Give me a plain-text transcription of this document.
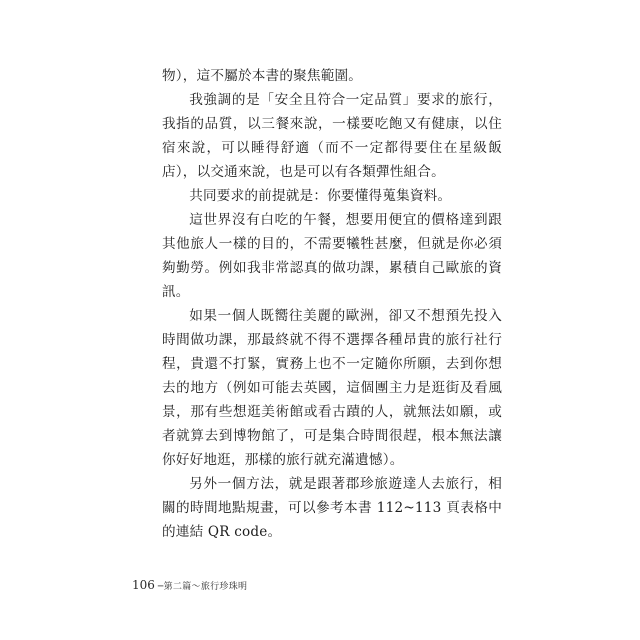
物），這不屬於本書的聚焦範圍。

我強調的是「安全且符合一定品質」要求的旅行，我指的品質，以三餐來說，一樣要吃飽又有健康，以住宿來說，可以睡得舒適（而不一定都得要住在星級飯店），以交通來說，也是可以有各類彈性組合。

共同要求的前提就是：你要懂得蒐集資料。

這世界沒有白吃的午餐，想要用便宜的價格達到跟其他旅人一樣的目的，不需要犧牲甚麼，但就是你必須夠勤勞。例如我非常認真的做功課，累積自己歐旅的資訊。

如果一個人既嚮往美麗的歐洲，卻又不想預先投入時間做功課，那最終就不得不選擇各種昂貴的旅行社行程，貴還不打緊，實務上也不一定隨你所願，去到你想去的地方（例如可能去英國，這個團主力是逛街及看風景，那有些想逛美術館或看古蹟的人，就無法如願，或者就算去到博物館了，可是集合時間很趕，根本無法讓你好好地逛，那樣的旅行就充滿遺憾）。

另外一個方法，就是跟著郡珍旅遊達人去旅行，相關的時間地點規畫，可以參考本書 112~113 頁表格中的連結 QR code。

106 ─第二篇～旅行珍珠明
